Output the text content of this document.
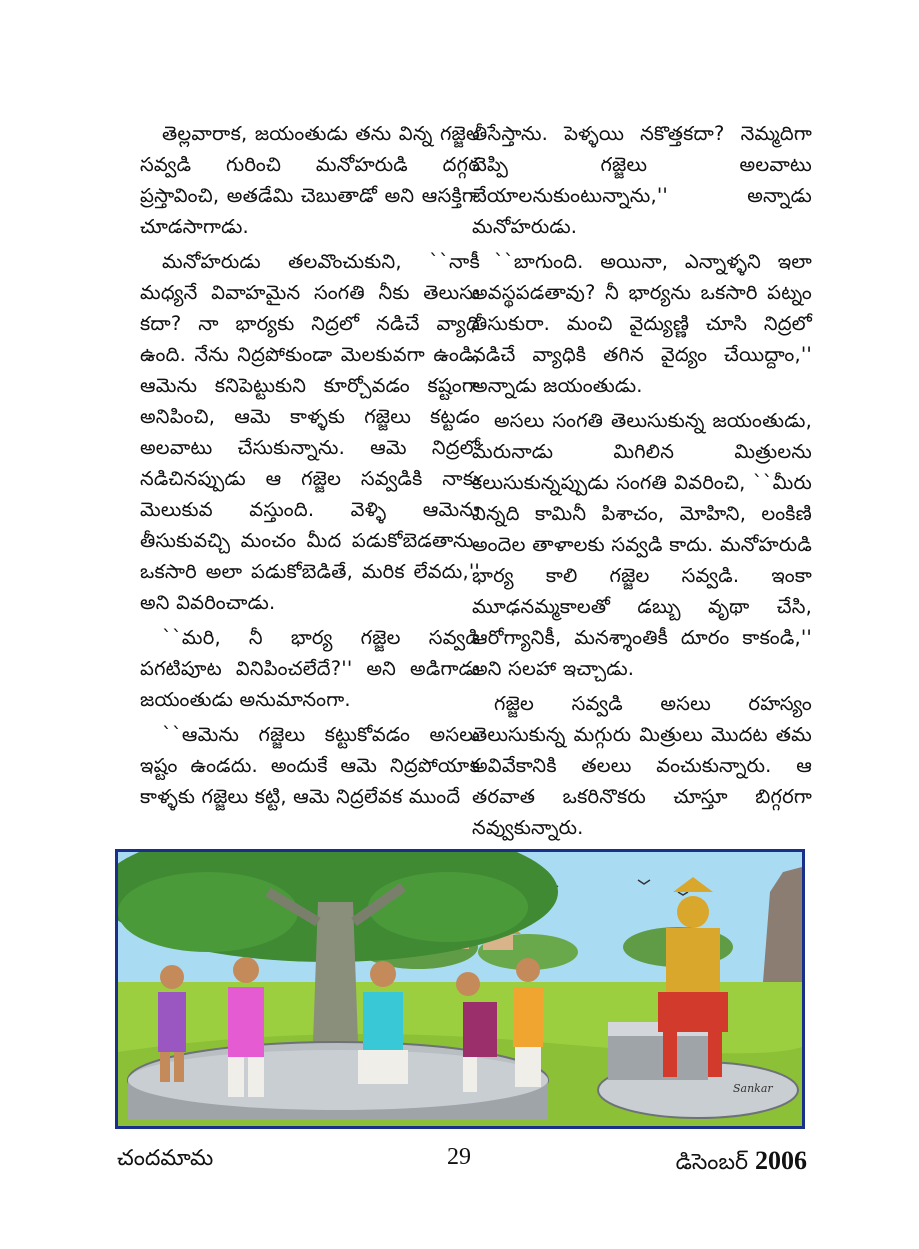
తెల్లవారాక, జయంతుడు తను విన్న గజ్జెల సవ్వడి గురించి మనోహరుడి దగ్గర ప్రస్తావించి, అతడేమి చెబుతాడో అని ఆసక్తిగా చూడసాగాడు.

మనోహరుడు తలవొంచుకుని, ``నాకీ మధ్యనే వివాహమైన సంగతి నీకు తెలుసు కదా? నా భార్యకు నిద్రలో నడిచే వ్యాధి ఉంది. నేను నిద్రపోకుండా మెలకువగా ఉండి, ఆమెను కనిపెట్టుకుని కూర్చోవడం కష్టంగా అనిపించి, ఆమె కాళ్ళకు గజ్జెలు కట్టడం అలవాటు చేసుకున్నాను. ఆమె నిద్రలో నడిచినప్పుడు ఆ గజ్జెల సవ్వడికి నాకు మెలుకువ వస్తుంది. వెళ్ళి ఆమెను తీసుకువచ్చి మంచం మీద పడుకోబెడతాను. ఒకసారి అలా పడుకోబెడితే, మరిక లేవదు,'' అని వివరించాడు.

``మరి, నీ భార్య గజ్జెల సవ్వడి పగటిపూట వినిపించలేదే?'' అని అడిగాడు జయంతుడు అనుమానంగా.

``ఆమెను గజ్జెలు కట్టుకోవడం అసలు ఇష్టం ఉండదు. అందుకే ఆమె నిద్రపోయాక కాళ్ళకు గజ్జెలు కట్టి, ఆమె నిద్రలేవక ముందే

తీసేస్తాను. పెళ్ళయి నకొత్తకదా? నెమ్మదిగా చెప్పి గజ్జెలు అలవాటు చేయాలనుకుంటున్నాను,'' అన్నాడు మనోహరుడు.

``బాగుంది. అయినా, ఎన్నాళ్ళని ఇలా అవస్థపడతావు? నీ భార్యను ఒకసారి పట్నం తీసుకురా. మంచి వైద్యుణ్ణి చూసి నిద్రలో నడిచే వ్యాధికి తగిన వైద్యం చేయిద్దాం,'' అన్నాడు జయంతుడు.

అసలు సంగతి తెలుసుకున్న జయంతుడు, మరునాడు మిగిలిన మిత్రులను కలుసుకున్నప్పుడు సంగతి వివరించి, ``మీరు విన్నది కామినీ పిశాచం, మోహిని, లంకిణి అందెల తాళాలకు సవ్వడి కాదు. మనోహరుడి భార్య కాలి గజ్జెల సవ్వడి. ఇంకా మూఢనమ్మకాలతో డబ్బు వృథా చేసి, ఆరోగ్యానికీ, మనశ్శాంతికీ దూరం కాకండి,'' అని సలహా ఇచ్చాడు.

గజ్జెల సవ్వడి అసలు రహస్యం తెలుసుకున్న మగ్గురు మిత్రులు మొదట తమ అవివేకానికి తలలు వంచుకున్నారు. ఆ తరవాత ఒకరినొకరు చూస్తూ బిగ్గరగా నవ్వుకున్నారు.

Sankar
చందమామ	29	డిసెంబర్ 2006
